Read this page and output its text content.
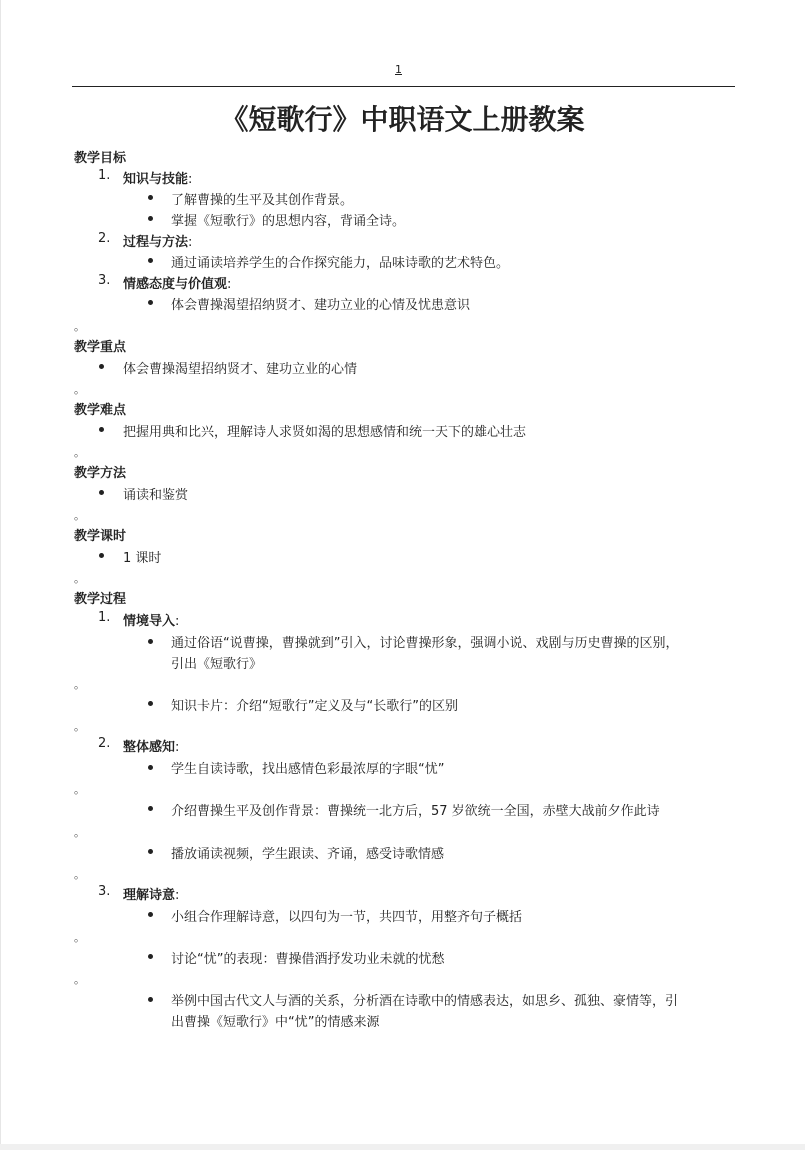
1
《短歌行》中职语文上册教案
教学目标
1. 知识与技能:
了解曹操的生平及其创作背景。
掌握《短歌行》的思想内容，背诵全诗。
2. 过程与方法:
通过诵读培养学生的合作探究能力，品味诗歌的艺术特色。
3. 情感态度与价值观:
体会曹操渴望招纳贤才、建功立业的心情及忧患意识
。
教学重点
体会曹操渴望招纳贤才、建功立业的心情
。
教学难点
把握用典和比兴，理解诗人求贤如渴的思想感情和统一天下的雄心壮志
。
教学方法
诵读和鉴赏
。
教学课时
1 课时
。
教学过程
1. 情境导入:
通过俗语“说曹操，曹操就到”引入，讨论曹操形象，强调小说、戏剧与历史曹操的区别，
引出《短歌行》
。
知识卡片：介绍“短歌行”定义及与“长歌行”的区别
。
2. 整体感知:
学生自读诗歌，找出感情色彩最浓厚的字眼“忧”
。
介绍曹操生平及创作背景：曹操统一北方后，57 岁欲统一全国，赤壁大战前夕作此诗
。
播放诵读视频，学生跟读、齐诵，感受诗歌情感
。
3. 理解诗意:
小组合作理解诗意，以四句为一节，共四节，用整齐句子概括
。
讨论“忧”的表现：曹操借酒抒发功业未就的忧愁
。
举例中国古代文人与酒的关系，分析酒在诗歌中的情感表达，如思乡、孤独、豪情等，引
出曹操《短歌行》中“忧”的情感来源
